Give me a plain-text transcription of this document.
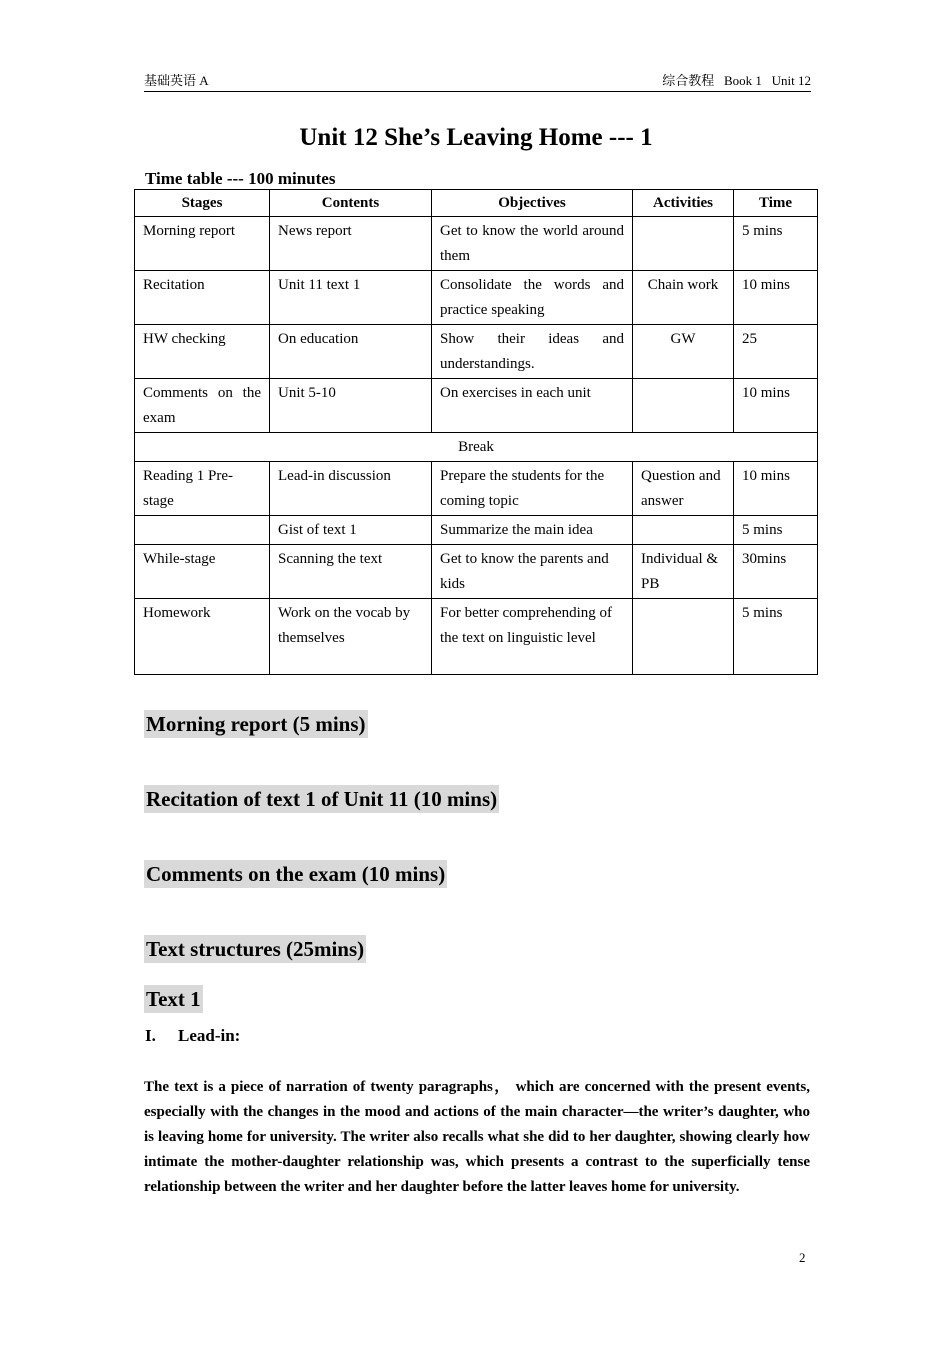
基础英语 A	综合教程   Book 1   Unit 12
Unit 12 She’s Leaving Home --- 1
Time table --- 100 minutes
Stages	Contents	Objectives	Activities	Time
Morning report	News report	Get to know the world around them		5 mins
Recitation	Unit 11 text 1	Consolidate the words and practice speaking	Chain work	10 mins
HW checking	On education	Show their ideas and understandings.	GW	25
Comments on the exam	Unit 5-10	On exercises in each unit		10 mins
Break				
Reading 1 Pre-stage	Lead-in discussion	Prepare the students for the coming topic	Question and answer	10 mins
	Gist of text 1	Summarize the main idea		5 mins
While-stage	Scanning the text	Get to know the parents and kids	Individual & PB	30mins
Homework	Work on the vocab by themselves	For better comprehending of the text on linguistic level		5 mins
Morning report (5 mins)
Recitation of text 1 of Unit 11 (10 mins)
Comments on the exam (10 mins)
Text structures (25mins)
Text 1
I. Lead-in:
The text is a piece of narration of twenty paragraphs， which are concerned with the present events, especially with the changes in the mood and actions of the main character—the writer’s daughter, who is leaving home for university. The writer also recalls what she did to her daughter, showing clearly how intimate the mother-daughter relationship was, which presents a contrast to the superficially tense relationship between the writer and her daughter before the latter leaves home for university.
2
